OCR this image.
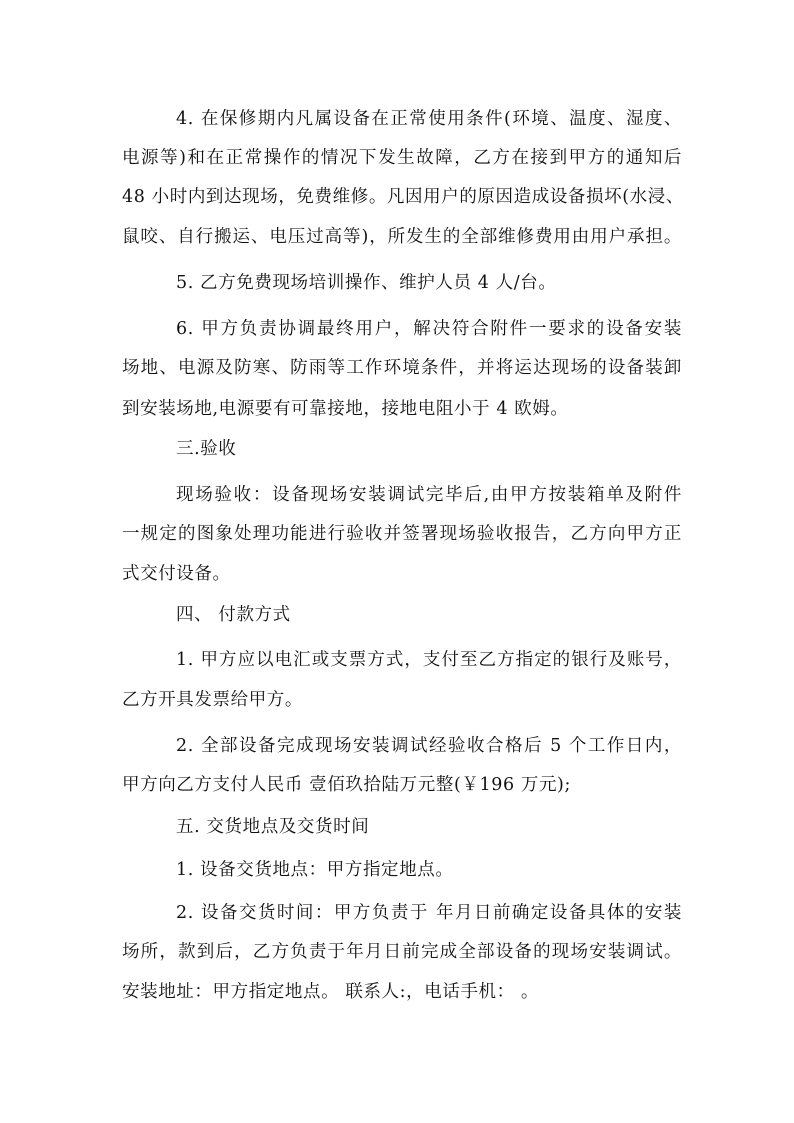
4. 在保修期内凡属设备在正常使用条件(环境、温度、湿度、
电源等)和在正常操作的情况下发生故障，乙方在接到甲方的通知后
48 小时内到达现场，免费维修。凡因用户的原因造成设备损坏(水浸、
鼠咬、自行搬运、电压过高等)，所发生的全部维修费用由用户承担。
5. 乙方免费现场培训操作、维护人员 4 人/台。
6. 甲方负责协调最终用户，解决符合附件一要求的设备安装
场地、电源及防寒、防雨等工作环境条件，并将运达现场的设备装卸
到安装场地,电源要有可靠接地，接地电阻小于 4 欧姆。
三.验收
现场验收：设备现场安装调试完毕后,由甲方按装箱单及附件
一规定的图象处理功能进行验收并签署现场验收报告，乙方向甲方正
式交付设备。
四、 付款方式
1. 甲方应以电汇或支票方式，支付至乙方指定的银行及账号，
乙方开具发票给甲方。
2. 全部设备完成现场安装调试经验收合格后 5 个工作日内，
甲方向乙方支付人民币 壹佰玖拾陆万元整(￥196 万元);
五. 交货地点及交货时间
1. 设备交货地点：甲方指定地点。
2. 设备交货时间：甲方负责于 年月日前确定设备具体的安装
场所，款到后，乙方负责于年月日前完成全部设备的现场安装调试。
安装地址：甲方指定地点。 联系人:，电话手机： 。
